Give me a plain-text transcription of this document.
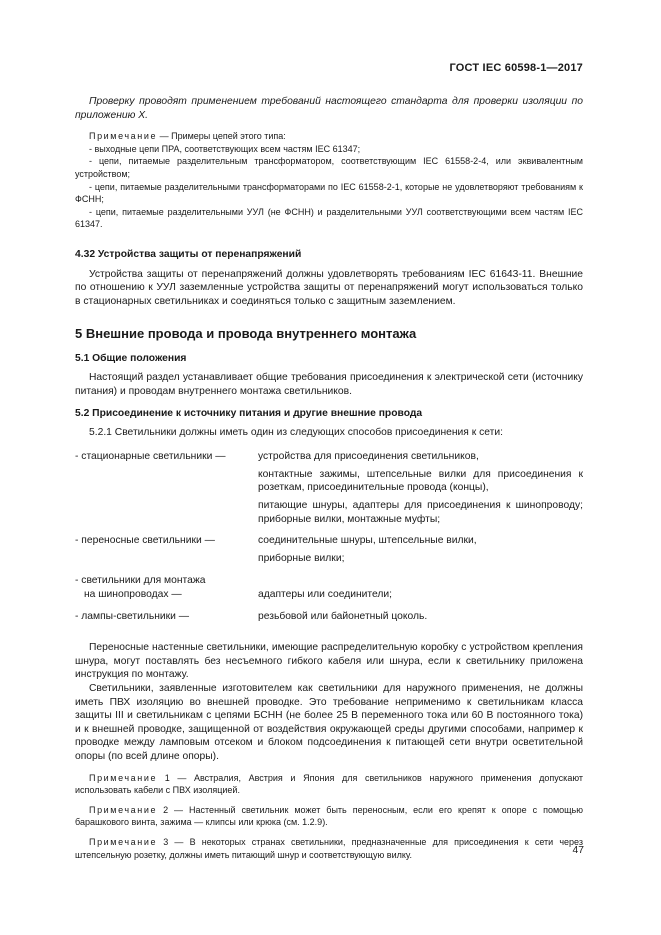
ГОСТ IEC 60598-1—2017

Проверку проводят применением требований настоящего стандарта для проверки изоляции по приложению X.

Примечание — Примеры цепей этого типа:

- выходные цепи ПРА, соответствующих всем частям IEC 61347;

- цепи, питаемые разделительным трансформатором, соответствующим IEC 61558-2-4, или эквивалентным устройством;

- цепи, питаемые разделительными трансформаторами по IEC 61558-2-1, которые не удовлетворяют требованиям к ФСНН;

- цепи, питаемые разделительными УУЛ (не ФСНН) и разделительными УУЛ соответствующими всем частям IEC 61347.

4.32 Устройства защиты от перенапряжений

Устройства защиты от перенапряжений должны удовлетворять требованиям IEC 61643-11. Внешние по отношению к УУЛ заземленные устройства защиты от перенапряжений могут использоваться только в стационарных светильниках и соединяться только с защитным заземлением.

5 Внешние провода и провода внутреннего монтажа

5.1 Общие положения

Настоящий раздел устанавливает общие требования присоединения к электрической сети (источнику питания) и проводам внутреннего монтажа светильников.

5.2 Присоединение к источнику питания и другие внешние провода

5.2.1 Светильники должны иметь один из следующих способов присоединения к сети:

- стационарные светильники —	устройства для присоединения светильников,

контактные зажимы, штепсельные вилки для присоединения к розеткам, присоединительные провода (концы),

питающие шнуры, адаптеры для присоединения к шинопроводу; приборные вилки, монтажные муфты;

- переносные светильники —	соединительные шнуры, штепсельные вилки,

приборные вилки;

- светильники для монтажа

на шинопроводах —	адаптеры или соединители;

- лампы-светильники —	резьбовой или байонетный цоколь.

Переносные настенные светильники, имеющие распределительную коробку с устройством крепления шнура, могут поставлять без несъемного гибкого кабеля или шнура, если к светильнику приложена инструкция по монтажу.

Светильники, заявленные изготовителем как светильники для наружного применения, не должны иметь ПВХ изоляцию во внешней проводке. Это требование неприменимо к светильникам класса защиты III и светильникам с цепями БСНН (не более 25 В переменного тока или 60 В постоянного тока) и к внешней проводке, защищенной от воздействия окружающей среды другими способами, например к проводке между ламповым отсеком и блоком подсоединения к питающей сети внутри осветительной опоры (по всей длине опоры).

Примечание 1 — Австралия, Австрия и Япония для светильников наружного применения допускают использовать кабели с ПВХ изоляцией.

Примечание 2 — Настенный светильник может быть переносным, если его крепят к опоре с помощью барашкового винта, зажима — клипсы или крюка (см. 1.2.9).

Примечание 3 — В некоторых странах светильники, предназначенные для присоединения к сети через штепсельную розетку, должны иметь питающий шнур и соответствующую вилку.	47
